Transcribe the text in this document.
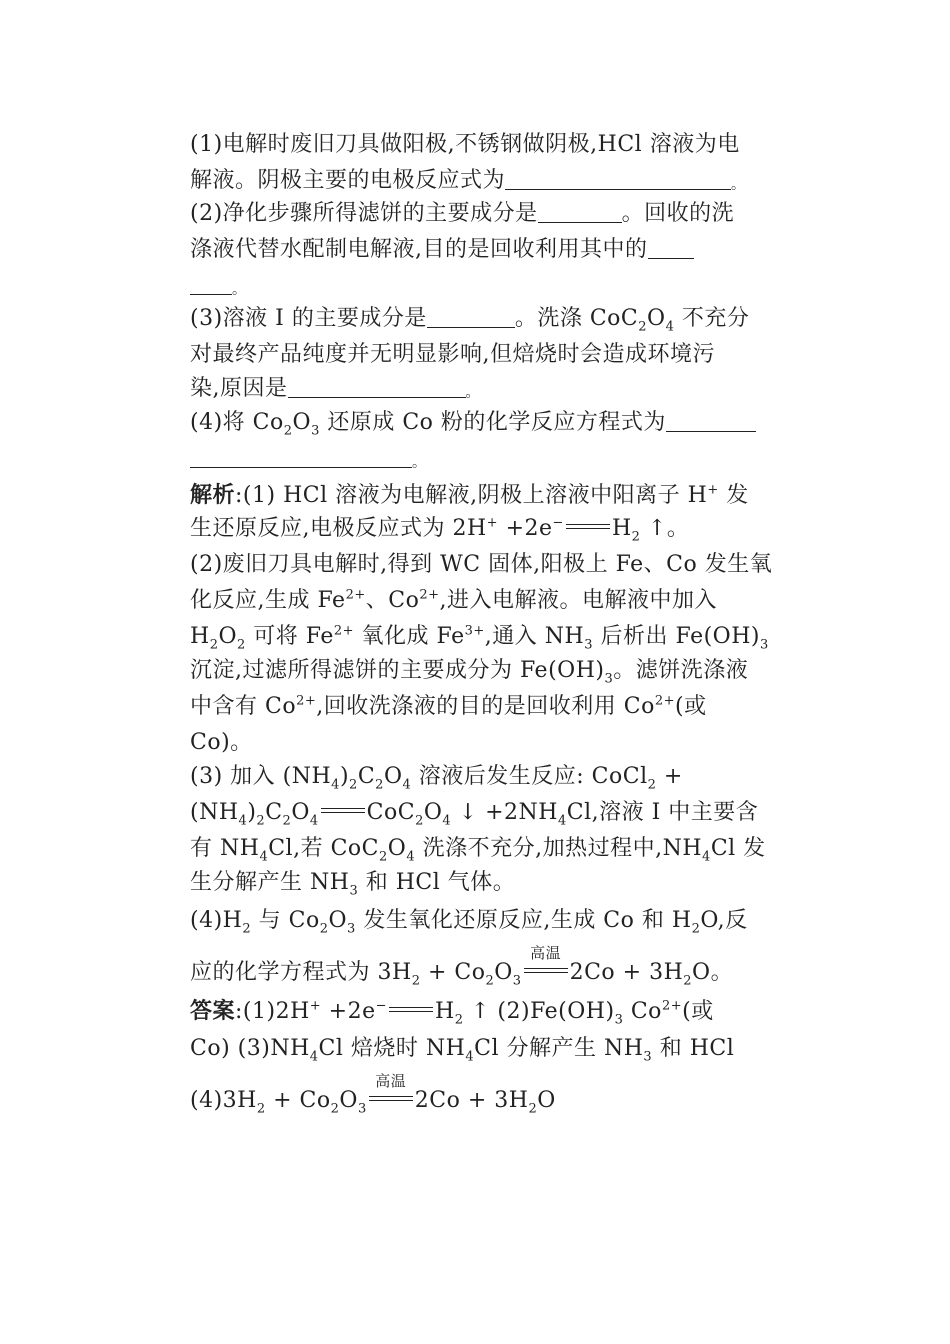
(1)电解时废旧刀具做阳极,不锈钢做阴极,HCl 溶液为电
解液。阴极主要的电极反应式为	。
(2)净化步骤所得滤饼的主要成分是	。回收的洗
涤液代替水配制电解液,目的是回收利用其中的
。
(3)溶液 Ⅰ 的主要成分是	。洗涤 $CoC_2O_4$ 不充分
对最终产品纯度并无明显影响,但焙烧时会造成环境污
染,原因是	。
(4)将 $Co_2O_3$ 还原成 Co 粉的化学反应方程式为
。
解析:(1) HCl 溶液为电解液,阴极上溶液中阳离子 H+ 发
生还原反应,电极反应式为 2H+ +2e− $H_2$ ↑。
(2)废旧刀具电解时,得到 WC 固体,阳极上 Fe、Co 发生氧
化反应,生成 $Fe^{2+}$、$Co^{2+}$,进入电解液。电解液中加入
$H_2O_2$ 可将 $Fe^{2+}$ 氧化成 $Fe^{3+}$,通入 $NH_3$ 后析出 $Fe(OH)_3$
沉淀,过滤所得滤饼的主要成分为 $Fe(OH)_3$。滤饼洗涤液
中含有 $Co^{2+}$,回收洗涤液的目的是回收利用 $Co^{2+}$(或
Co)。
(3) 加入 $(NH_4)_2C_2O_4$ 溶液后发生反应: CoCl$_2$ +
$(NH_4)_2C_2O_4$ $CoC_2O_4$ ↓ $+2NH_4Cl$,溶液 Ⅰ 中主要含
有 $NH_4Cl$,若 $CoC_2O_4$ 洗涤不充分,加热过程中$,NH_4Cl$ 发
生分解产生 $NH_3$ 和 HCl 气体。
$(4)H_2$ 与 $Co_2O_3$ 发生氧化还原反应,生成 Co 和 $H_2O$,反
应的化学方程式为 $3H_2 + Co_2O_3$
高温
$2Co + 3H_2O$。
答案:(1)2H+ +2e− $H_2$ ↑ $(2)Fe(OH)_3$ $Co^{2+}$(或
Co) $(3)NH_4Cl$ 焙烧时 $NH_4Cl$ 分解产生 $NH_3$ 和 HCl
$(4)3H_2 + Co_2O_3$
高温
$2Co + 3H_2O$
